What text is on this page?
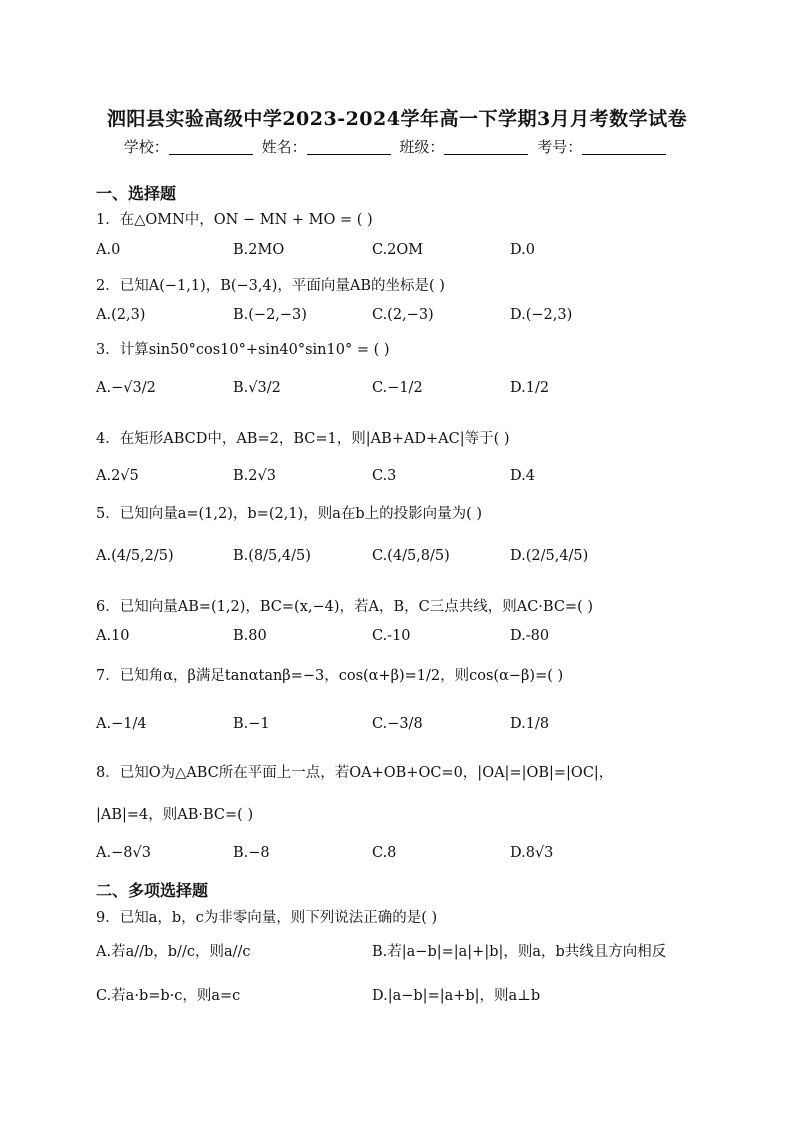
泗阳县实验高级中学2023-2024学年高一下学期3月月考数学试卷
学校：	姓名：	班级：	考号：
一、选择题
1．在△OMN中，ON − MN + MO = ( )
A.0	B.2MO	C.2OM	D.0
2．已知A(−1,1)，B(−3,4)，平面向量AB的坐标是( )
A.(2,3)	B.(−2,−3)	C.(2,−3)	D.(−2,3)
3．计算sin50°cos10°+sin40°sin10° = ( )
A.−√3/2	B.√3/2	C.−1/2	D.1/2
4．在矩形ABCD中，AB=2，BC=1，则|AB+AD+AC|等于( )
A.2√5	B.2√3	C.3	D.4
5．已知向量a=(1,2)，b=(2,1)，则a在b上的投影向量为( )
A.(4/5,2/5)	B.(8/5,4/5)	C.(4/5,8/5)	D.(2/5,4/5)
6．已知向量AB=(1,2)，BC=(x,−4)，若A，B，C三点共线，则AC·BC=( )
A.10	B.80	C.-10	D.-80
7．已知角α，β满足tanαtanβ=−3，cos(α+β)=1/2，则cos(α−β)=( )
A.−1/4	B.−1	C.−3/8	D.1/8
8．已知O为△ABC所在平面上一点，若OA+OB+OC=0，|OA|=|OB|=|OC|，
|AB|=4，则AB·BC=( )
A.−8√3	B.−8	C.8	D.8√3
二、多项选择题
9．已知a，b，c为非零向量，则下列说法正确的是( )
A.若a//b，b//c，则a//c	B.若|a−b|=|a|+|b|，则a，b共线且方向相反
C.若a·b=b·c，则a=c	D.|a−b|=|a+b|，则a⊥b
